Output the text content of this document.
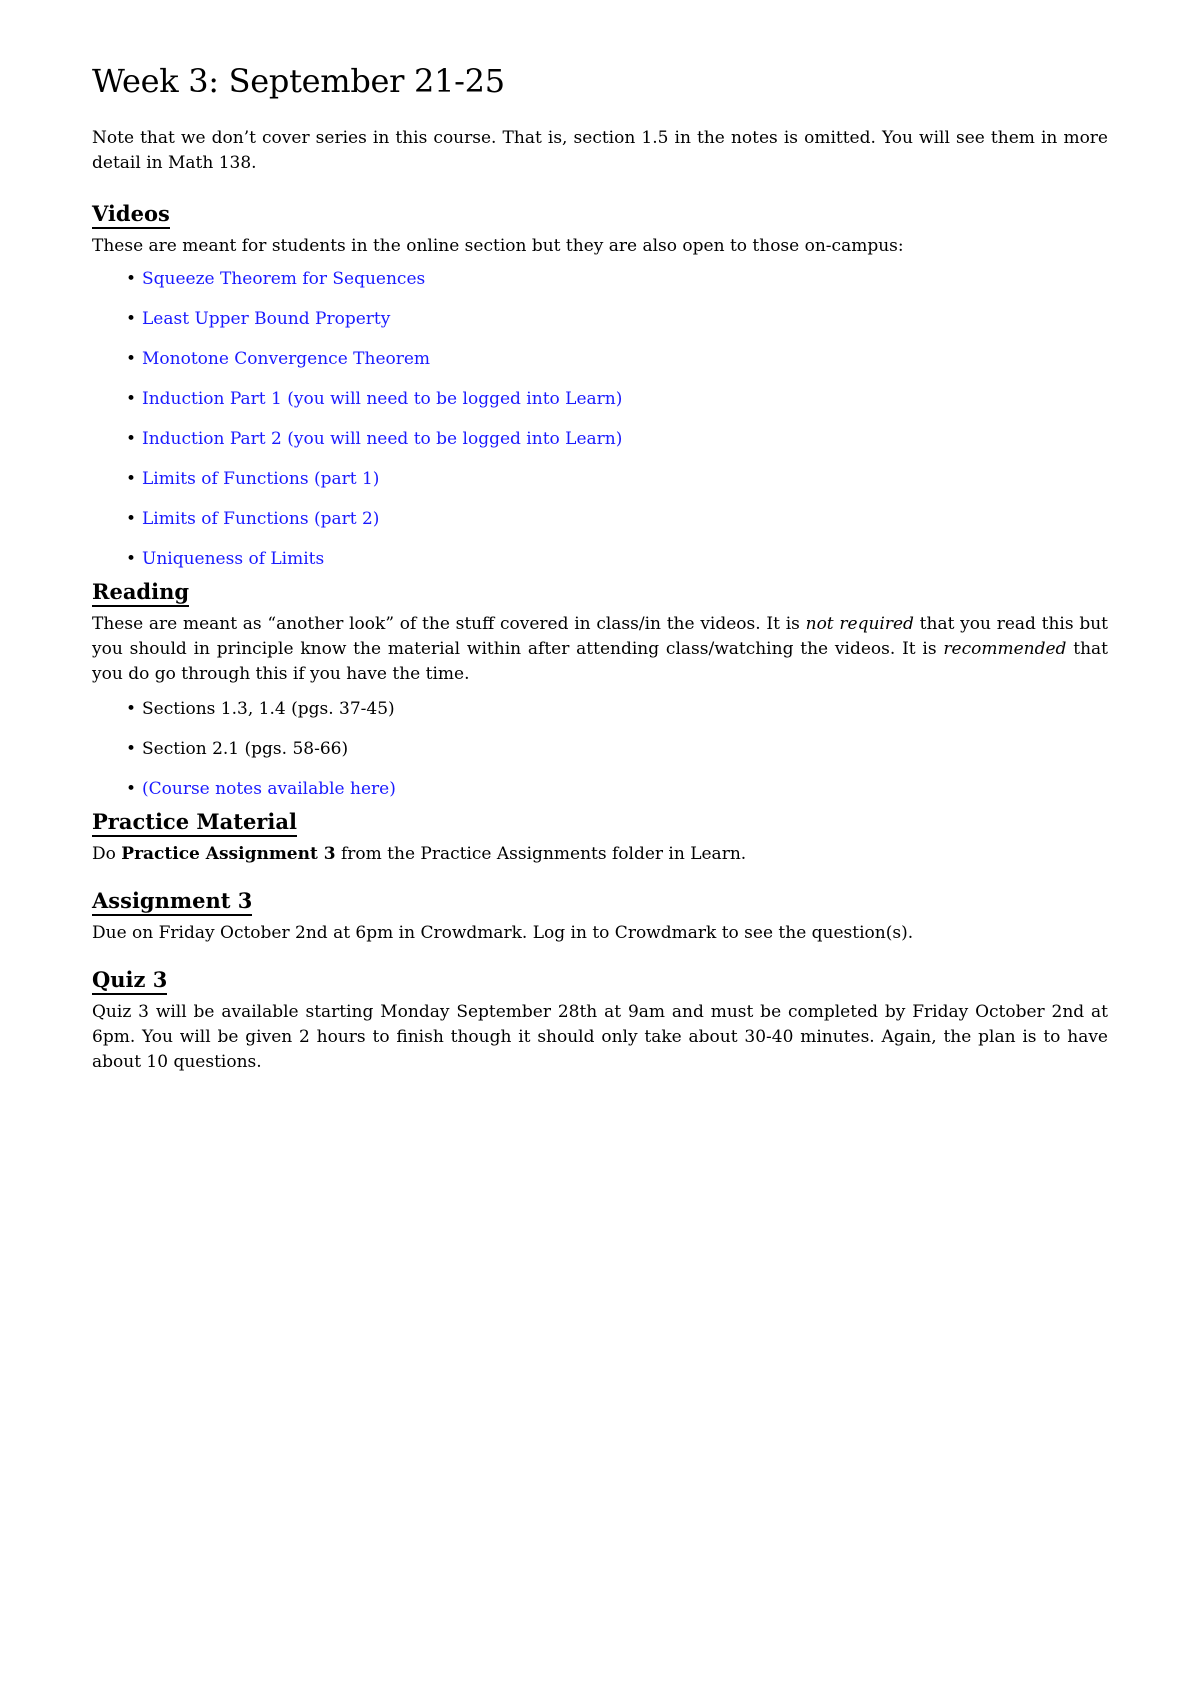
Week 3: September 21-25

Note that we don’t cover series in this course. That is, section 1.5 in the notes is omitted. You will see them in more detail in Math 138.

Videos

These are meant for students in the online section but they are also open to those on-campus:

• Squeeze Theorem for Sequences
• Least Upper Bound Property
• Monotone Convergence Theorem
• Induction Part 1 (you will need to be logged into Learn)
• Induction Part 2 (you will need to be logged into Learn)
• Limits of Functions (part 1)
• Limits of Functions (part 2)
• Uniqueness of Limits
Reading

These are meant as “another look” of the stuff covered in class/in the videos. It is not required that you read this but you should in principle know the material within after attending class/watching the videos. It is recommended that you do go through this if you have the time.

• Sections 1.3, 1.4 (pgs. 37-45)
• Section 2.1 (pgs. 58-66)
• (Course notes available here)
Practice Material

Do Practice Assignment 3 from the Practice Assignments folder in Learn.

Assignment 3

Due on Friday October 2nd at 6pm in Crowdmark. Log in to Crowdmark to see the question(s).

Quiz 3

Quiz 3 will be available starting Monday September 28th at 9am and must be completed by Friday October 2nd at 6pm. You will be given 2 hours to finish though it should only take about 30-40 minutes. Again, the plan is to have about 10 questions.
